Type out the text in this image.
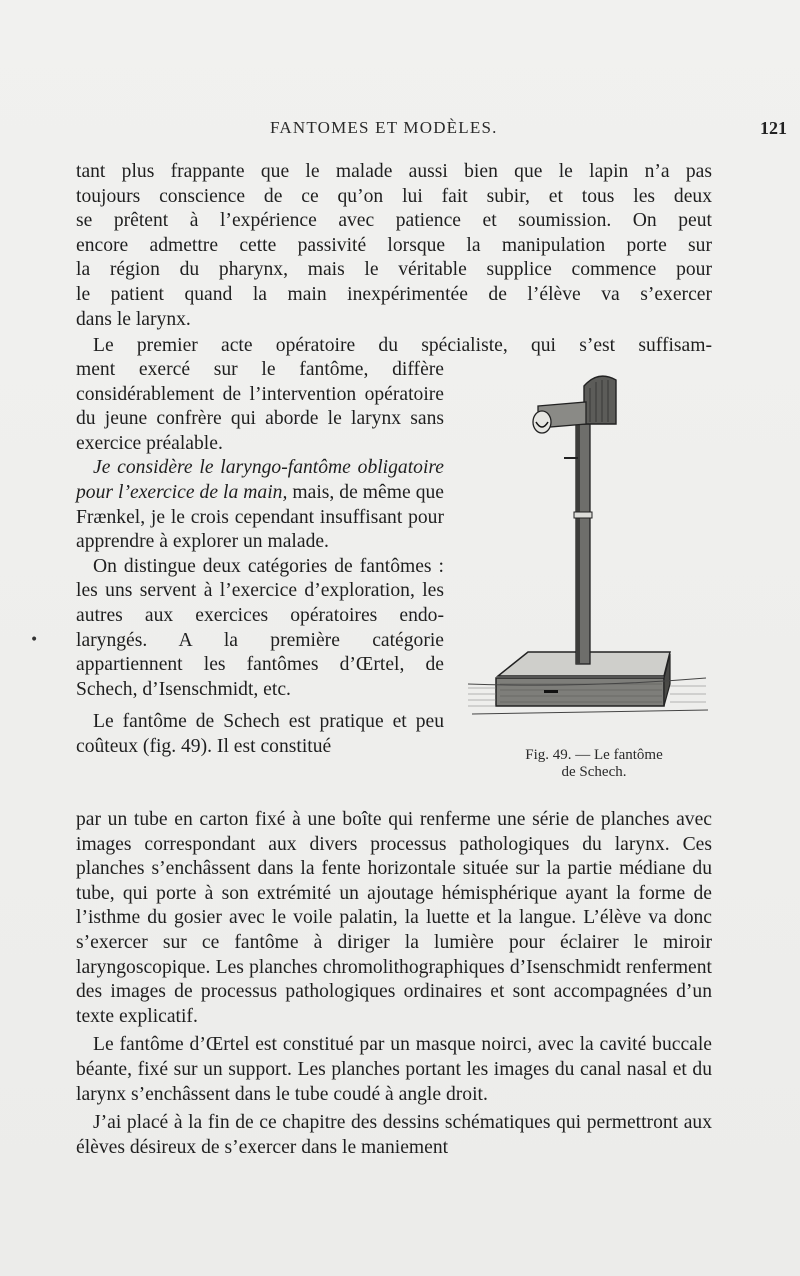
FANTOMES ET MODÈLES.	121
tant plus frappante que le malade aussi bien que le lapin n’a pas
toujours conscience de ce qu’on lui fait subir, et tous les deux
se prêtent à l’expérience avec patience et soumission. On peut
encore admettre cette passivité lorsque la manipulation porte sur
la région du pharynx, mais le véritable supplice commence pour
le patient quand la main inexpérimentée de l’élève va s’exercer
dans le larynx.
Le premier acte opératoire du spécialiste, qui s’est suffisam-

ment exercé sur le fantôme, diffère considérablement de l’intervention opératoire du jeune confrère qui aborde le larynx sans exercice préalable.

Je considère le laryngo-fantôme obligatoire pour l’exercice de la main, mais, de même que Frænkel, je le crois cependant insuffisant pour apprendre à explorer un malade.

On distingue deux catégories de fantômes : les uns servent à l’exercice d’exploration, les autres aux exercices opératoires endo-laryngés. A la première catégorie appartiennent les fantômes d’Œrtel, de Schech, d’Isenschmidt, etc.

Le fantôme de Schech est pratique et peu coûteux (fig. 49). Il est constitué

•
Fig. 49. — Le fantôme
de Schech.

par un tube en carton fixé à une boîte qui renferme une série de planches avec images correspondant aux divers processus pathologiques du larynx. Ces planches s’enchâssent dans la fente horizontale située sur la partie médiane du tube, qui porte à son extrémité un ajoutage hémisphérique ayant la forme de l’isthme du gosier avec le voile palatin, la luette et la langue. L’élève va donc s’exercer sur ce fantôme à diriger la lumière pour éclairer le miroir laryngoscopique. Les planches chromolithographiques d’Isenschmidt renferment des images de processus pathologiques ordinaires et sont accompagnées d’un texte explicatif.

Le fantôme d’Œrtel est constitué par un masque noirci, avec la cavité buccale béante, fixé sur un support. Les planches portant les images du canal nasal et du larynx s’enchâssent dans le tube coudé à angle droit.

J’ai placé à la fin de ce chapitre des dessins schématiques qui permettront aux élèves désireux de s’exercer dans le maniement
